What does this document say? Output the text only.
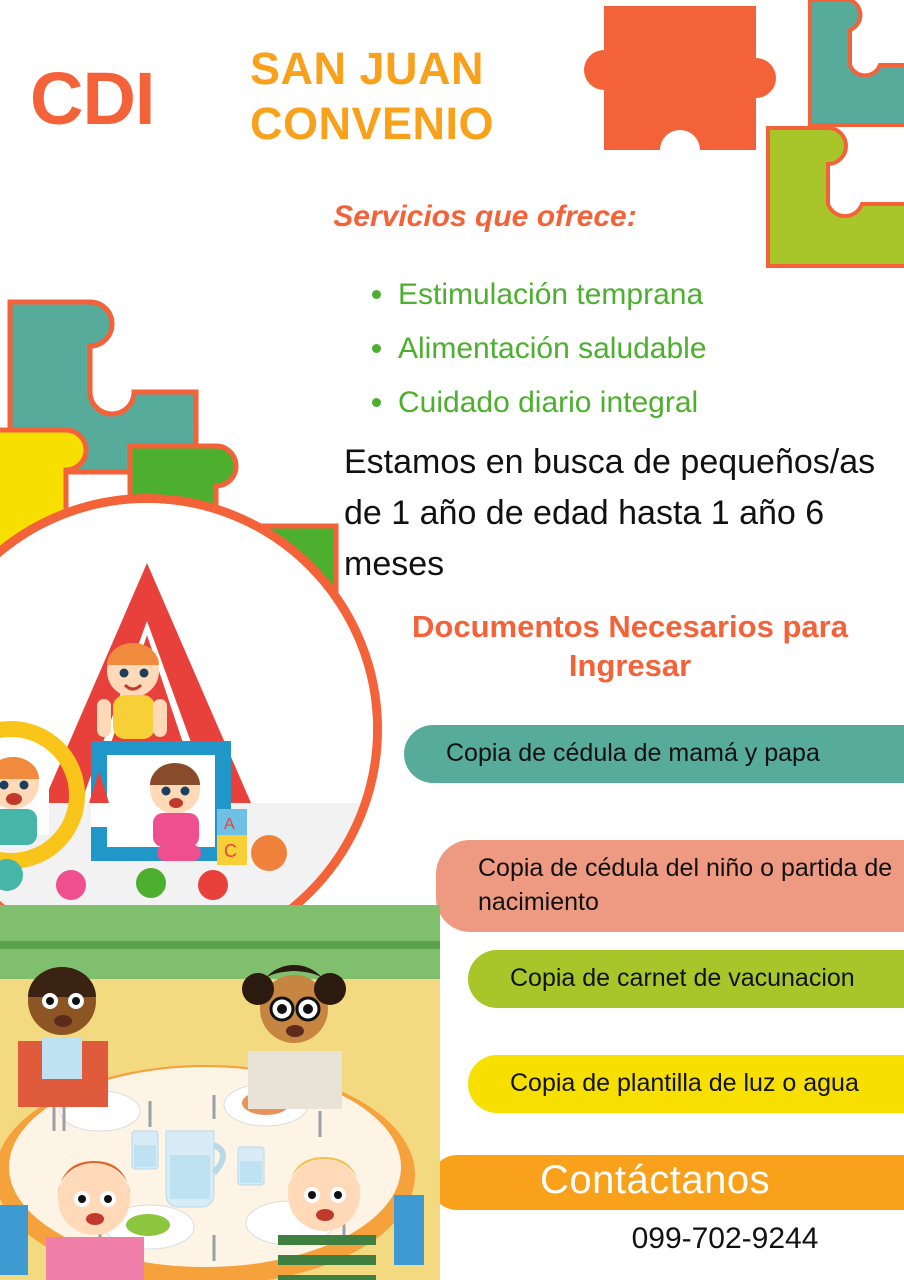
CDI SAN JUAN
CONVENIO
Servicios que ofrece:
Estimulación temprana
Alimentación saludable
Cuidado diario integral
Estamos en busca de pequeños/as de 1 año de edad hasta 1 año 6 meses
Documentos Necesarios para Ingresar
Copia de cédula de mamá y papa
Copia de cédula del niño o partida de nacimiento
Copia de carnet de vacunacion
Copia de plantilla de luz o agua
Contáctanos
099-702-9244
C
A
